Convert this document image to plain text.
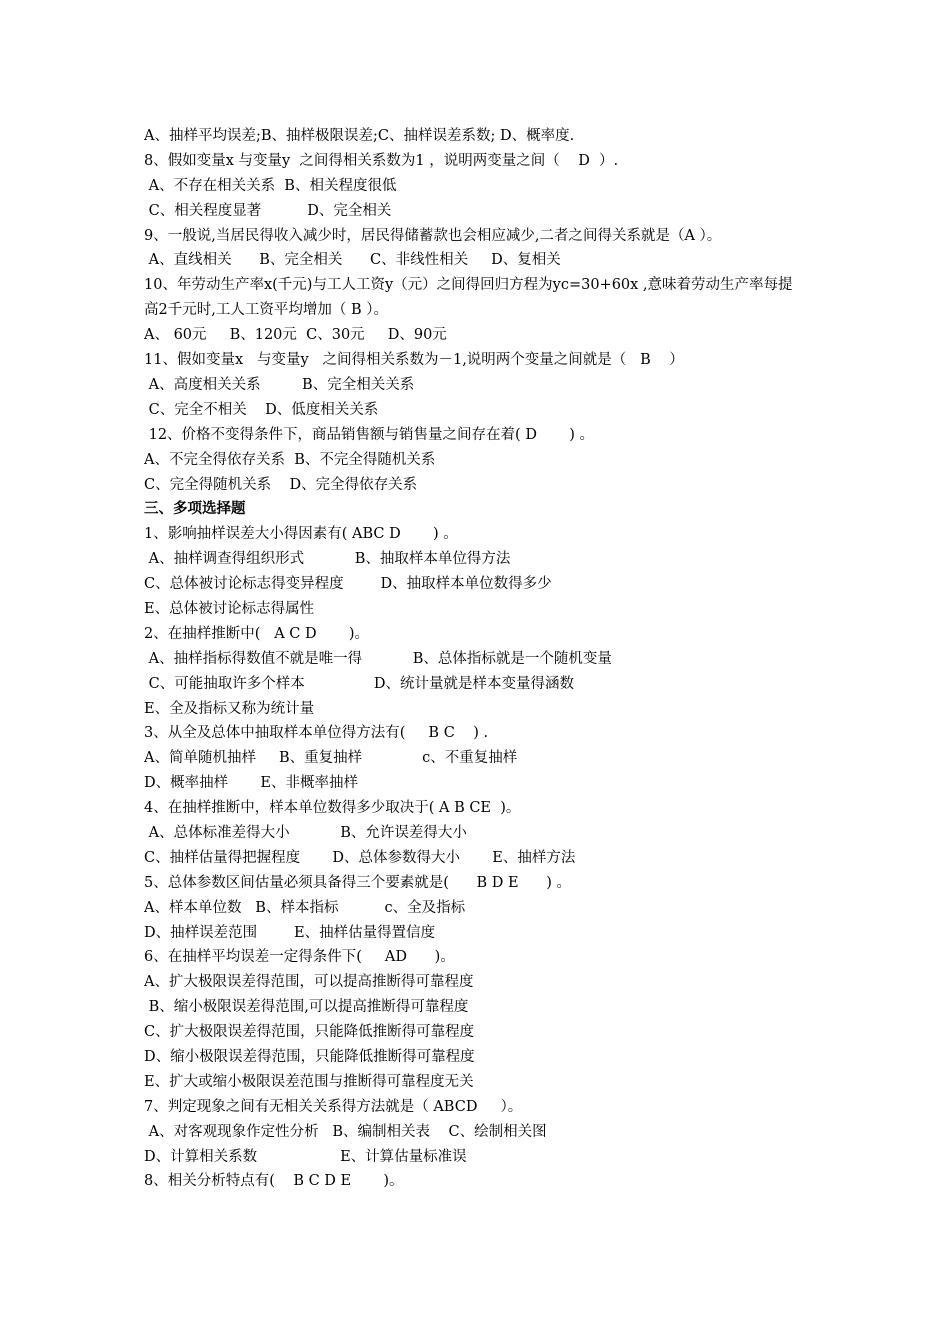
A、抽样平均误差;B、抽样极限误差;C、抽样误差系数; D、概率度.
8、假如变量x 与变量y  之间得相关系数为1 ，说明两变量之间（    D  ）.
A、不存在相关关系  B、相关程度很低
C、相关程度显著          D、完全相关
9、一般说,当居民得收入减少时，居民得储蓄款也会相应减少,二者之间得关系就是（A ）。
A、直线相关      B、完全相关      C、非线性相关     D、复相关
10、年劳动生产率x(千元)与工人工资y（元）之间得回归方程为yc=30+60x ,意味着劳动生产率每提高2千元时,工人工资平均增加（ B ）。
A、 60元     B、120元  C、30元     D、90元
11、假如变量x   与变量y   之间得相关系数为－1,说明两个变量之间就是（   B    ）
A、高度相关关系         B、完全相关关系
C、完全不相关    D、低度相关关系
12、价格不变得条件下，商品销售额与销售量之间存在着( D       ) 。
A、不完全得依存关系  B、不完全得随机关系
C、完全得随机关系    D、完全得依存关系
三、多项选择题
1、影响抽样误差大小得因素有( ABC D       ) 。
A、抽样调查得组织形式           B、抽取样本单位得方法
C、总体被讨论标志得变异程度        D、抽取样本单位数得多少
E、总体被讨论标志得属性
2、在抽样推断中(   A C D       )。
A、抽样指标得数值不就是唯一得           B、总体指标就是一个随机变量
C、可能抽取许多个样本               D、统计量就是样本变量得涵数
E、全及指标又称为统计量
3、从全及总体中抽取样本单位得方法有(     B C    ) .
A、简单随机抽样     B、重复抽样             c、不重复抽样
D、概率抽样       E、非概率抽样
4、在抽样推断中，样本单位数得多少取决于( A B CE  )。
A、总体标准差得大小           B、允许误差得大小
C、抽样估量得把握程度       D、总体参数得大小       E、抽样方法
5、总体参数区间估量必须具备得三个要素就是(      B D E      ) 。
A、样本单位数   B、样本指标          c、全及指标
D、抽样误差范围        E、抽样估量得置信度
6、在抽样平均误差一定得条件下(     AD      )。
A、扩大极限误差得范围，可以提高推断得可靠程度
B、缩小极限误差得范围,可以提高推断得可靠程度
C、扩大极限误差得范围，只能降低推断得可靠程度
D、缩小极限误差得范围，只能降低推断得可靠程度
E、扩大或缩小极限误差范围与推断得可靠程度无关
7、判定现象之间有无相关关系得方法就是（ ABCD     ）。
A、对客观现象作定性分析   B、编制相关表    C、绘制相关图
D、计算相关系数                  E、计算估量标准误
8、相关分析特点有(    B C D E       )。
